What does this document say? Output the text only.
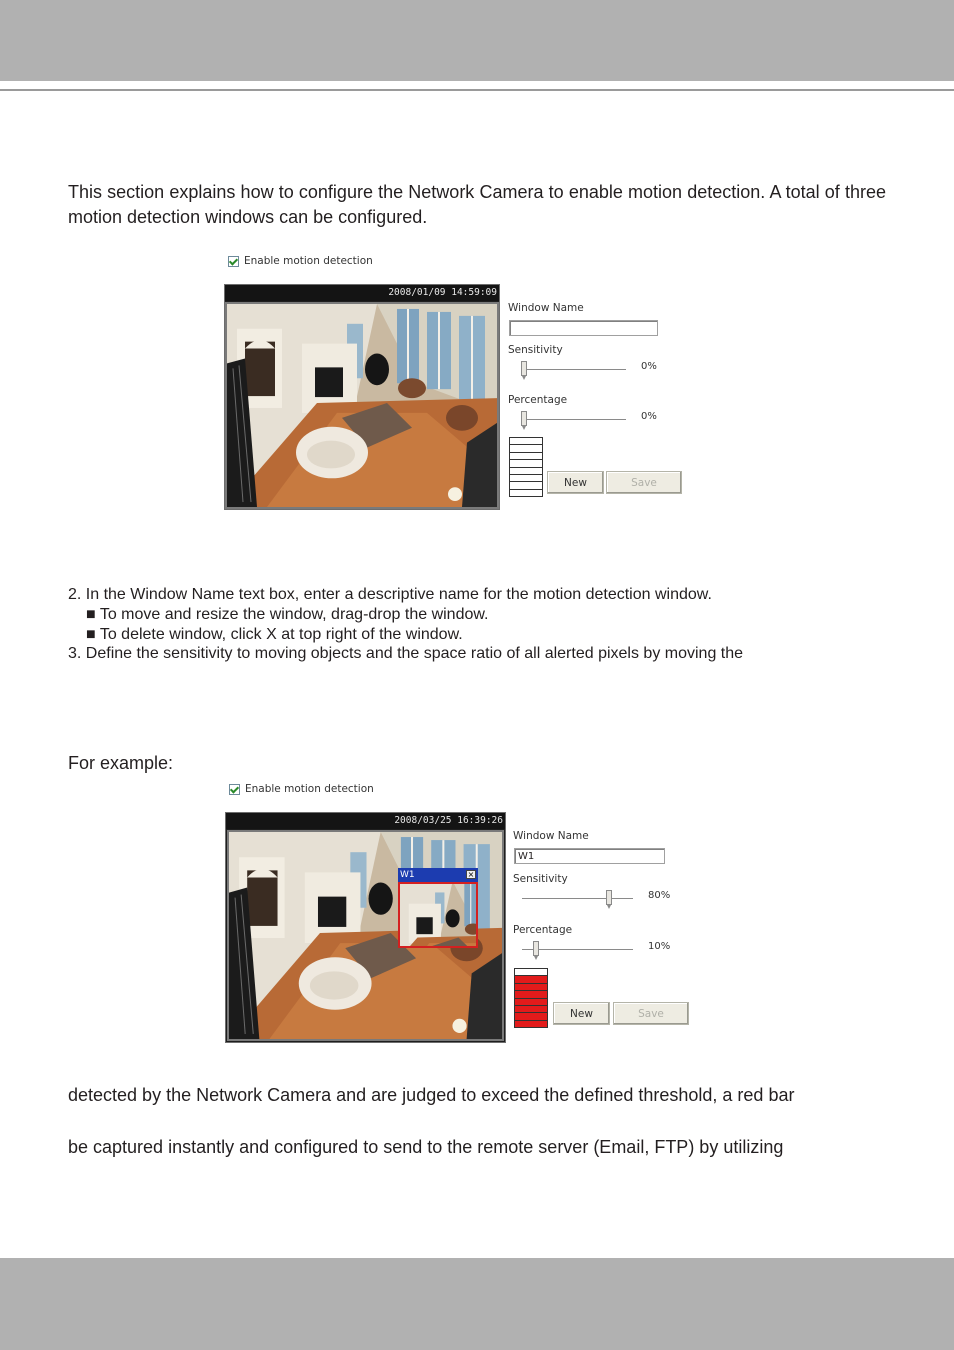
This section explains how to configure the Network Camera to enable motion detection. A total of three motion detection windows can be configured.

Enable motion detection
2008/01/09 14:59:09
Window Name
Sensitivity
0%
Percentage
0%
New	Save
2. In the Window Name text box, enter a descriptive name for the motion detection window.
■ To move and resize the window, drag-drop the window.
■ To delete window, click X at top right of the window.
3. Define the sensitivity to moving objects and the space ratio of all alerted pixels by moving the
For example:
Enable motion detection
2008/03/25 16:39:26
W1	×
Window Name
W1
Sensitivity
80%
Percentage
10%
New	Save

detected by the Network Camera and are judged to exceed the defined threshold, a red bar

be captured instantly and configured to send to the remote server (Email, FTP) by utilizing
